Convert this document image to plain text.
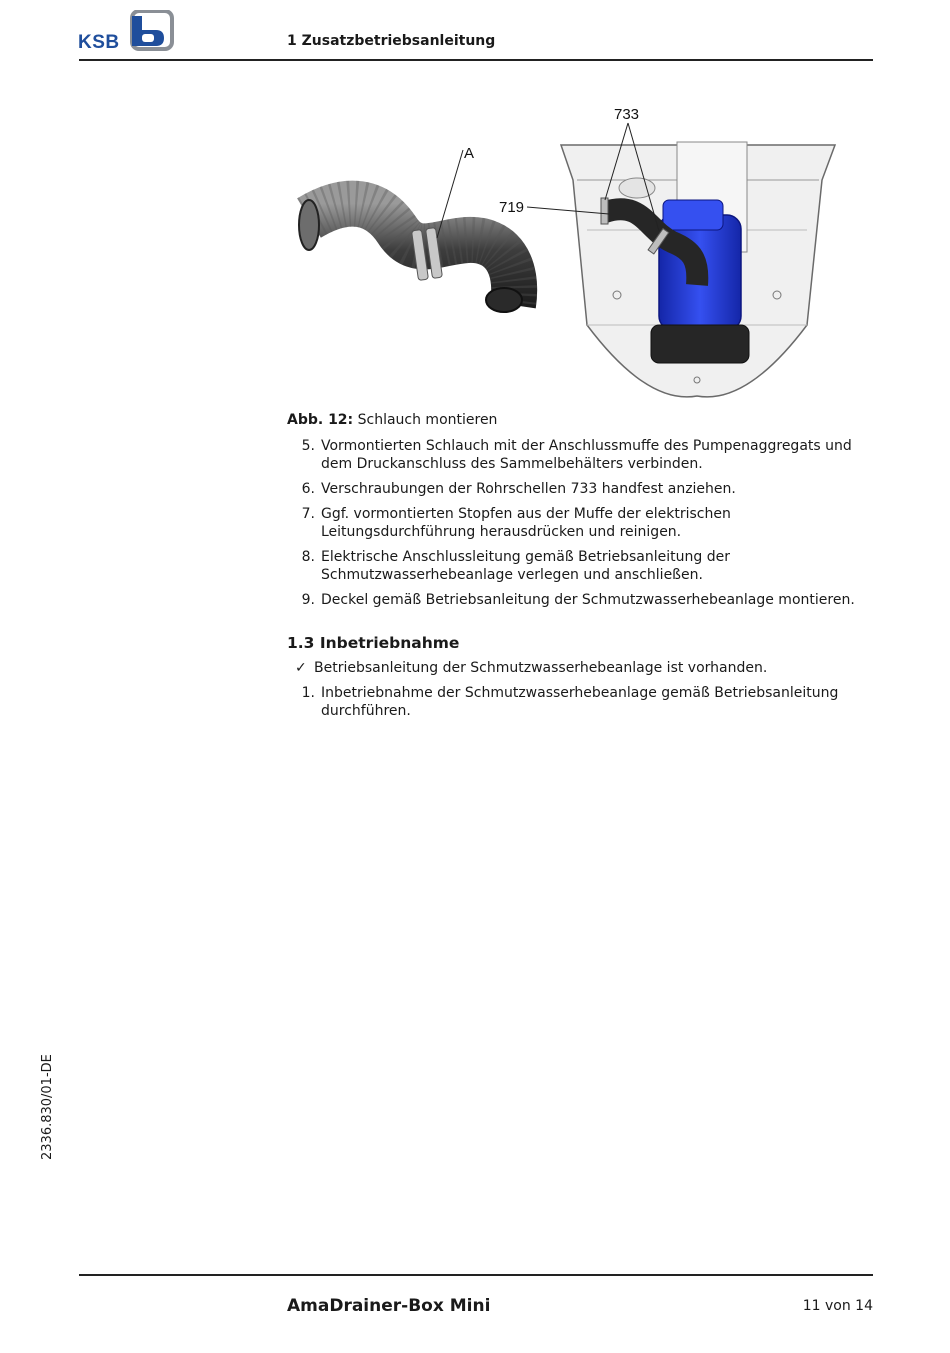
KSB	1 Zusatzbetriebsanleitung
A
733
719
Abb. 12: Schlauch montieren
5. Vormontierten Schlauch mit der Anschlussmuffe des Pumpenaggregats und dem Druckanschluss des Sammelbehälters verbinden.
6. Verschraubungen der Rohrschellen 733 handfest anziehen.
7. Ggf. vormontierten Stopfen aus der Muffe der elektrischen Leitungsdurchführung herausdrücken und reinigen.
8. Elektrische Anschlussleitung gemäß Betriebsanleitung der Schmutzwasserhebeanlage verlegen und anschließen.
9. Deckel gemäß Betriebsanleitung der Schmutzwasserhebeanlage montieren.
1.3 Inbetriebnahme
✓ Betriebsanleitung der Schmutzwasserhebeanlage ist vorhanden.
1. Inbetriebnahme der Schmutzwasserhebeanlage gemäß Betriebsanleitung durchführen.
2336.830/01-DE
AmaDrainer-Box Mini	11 von 14
